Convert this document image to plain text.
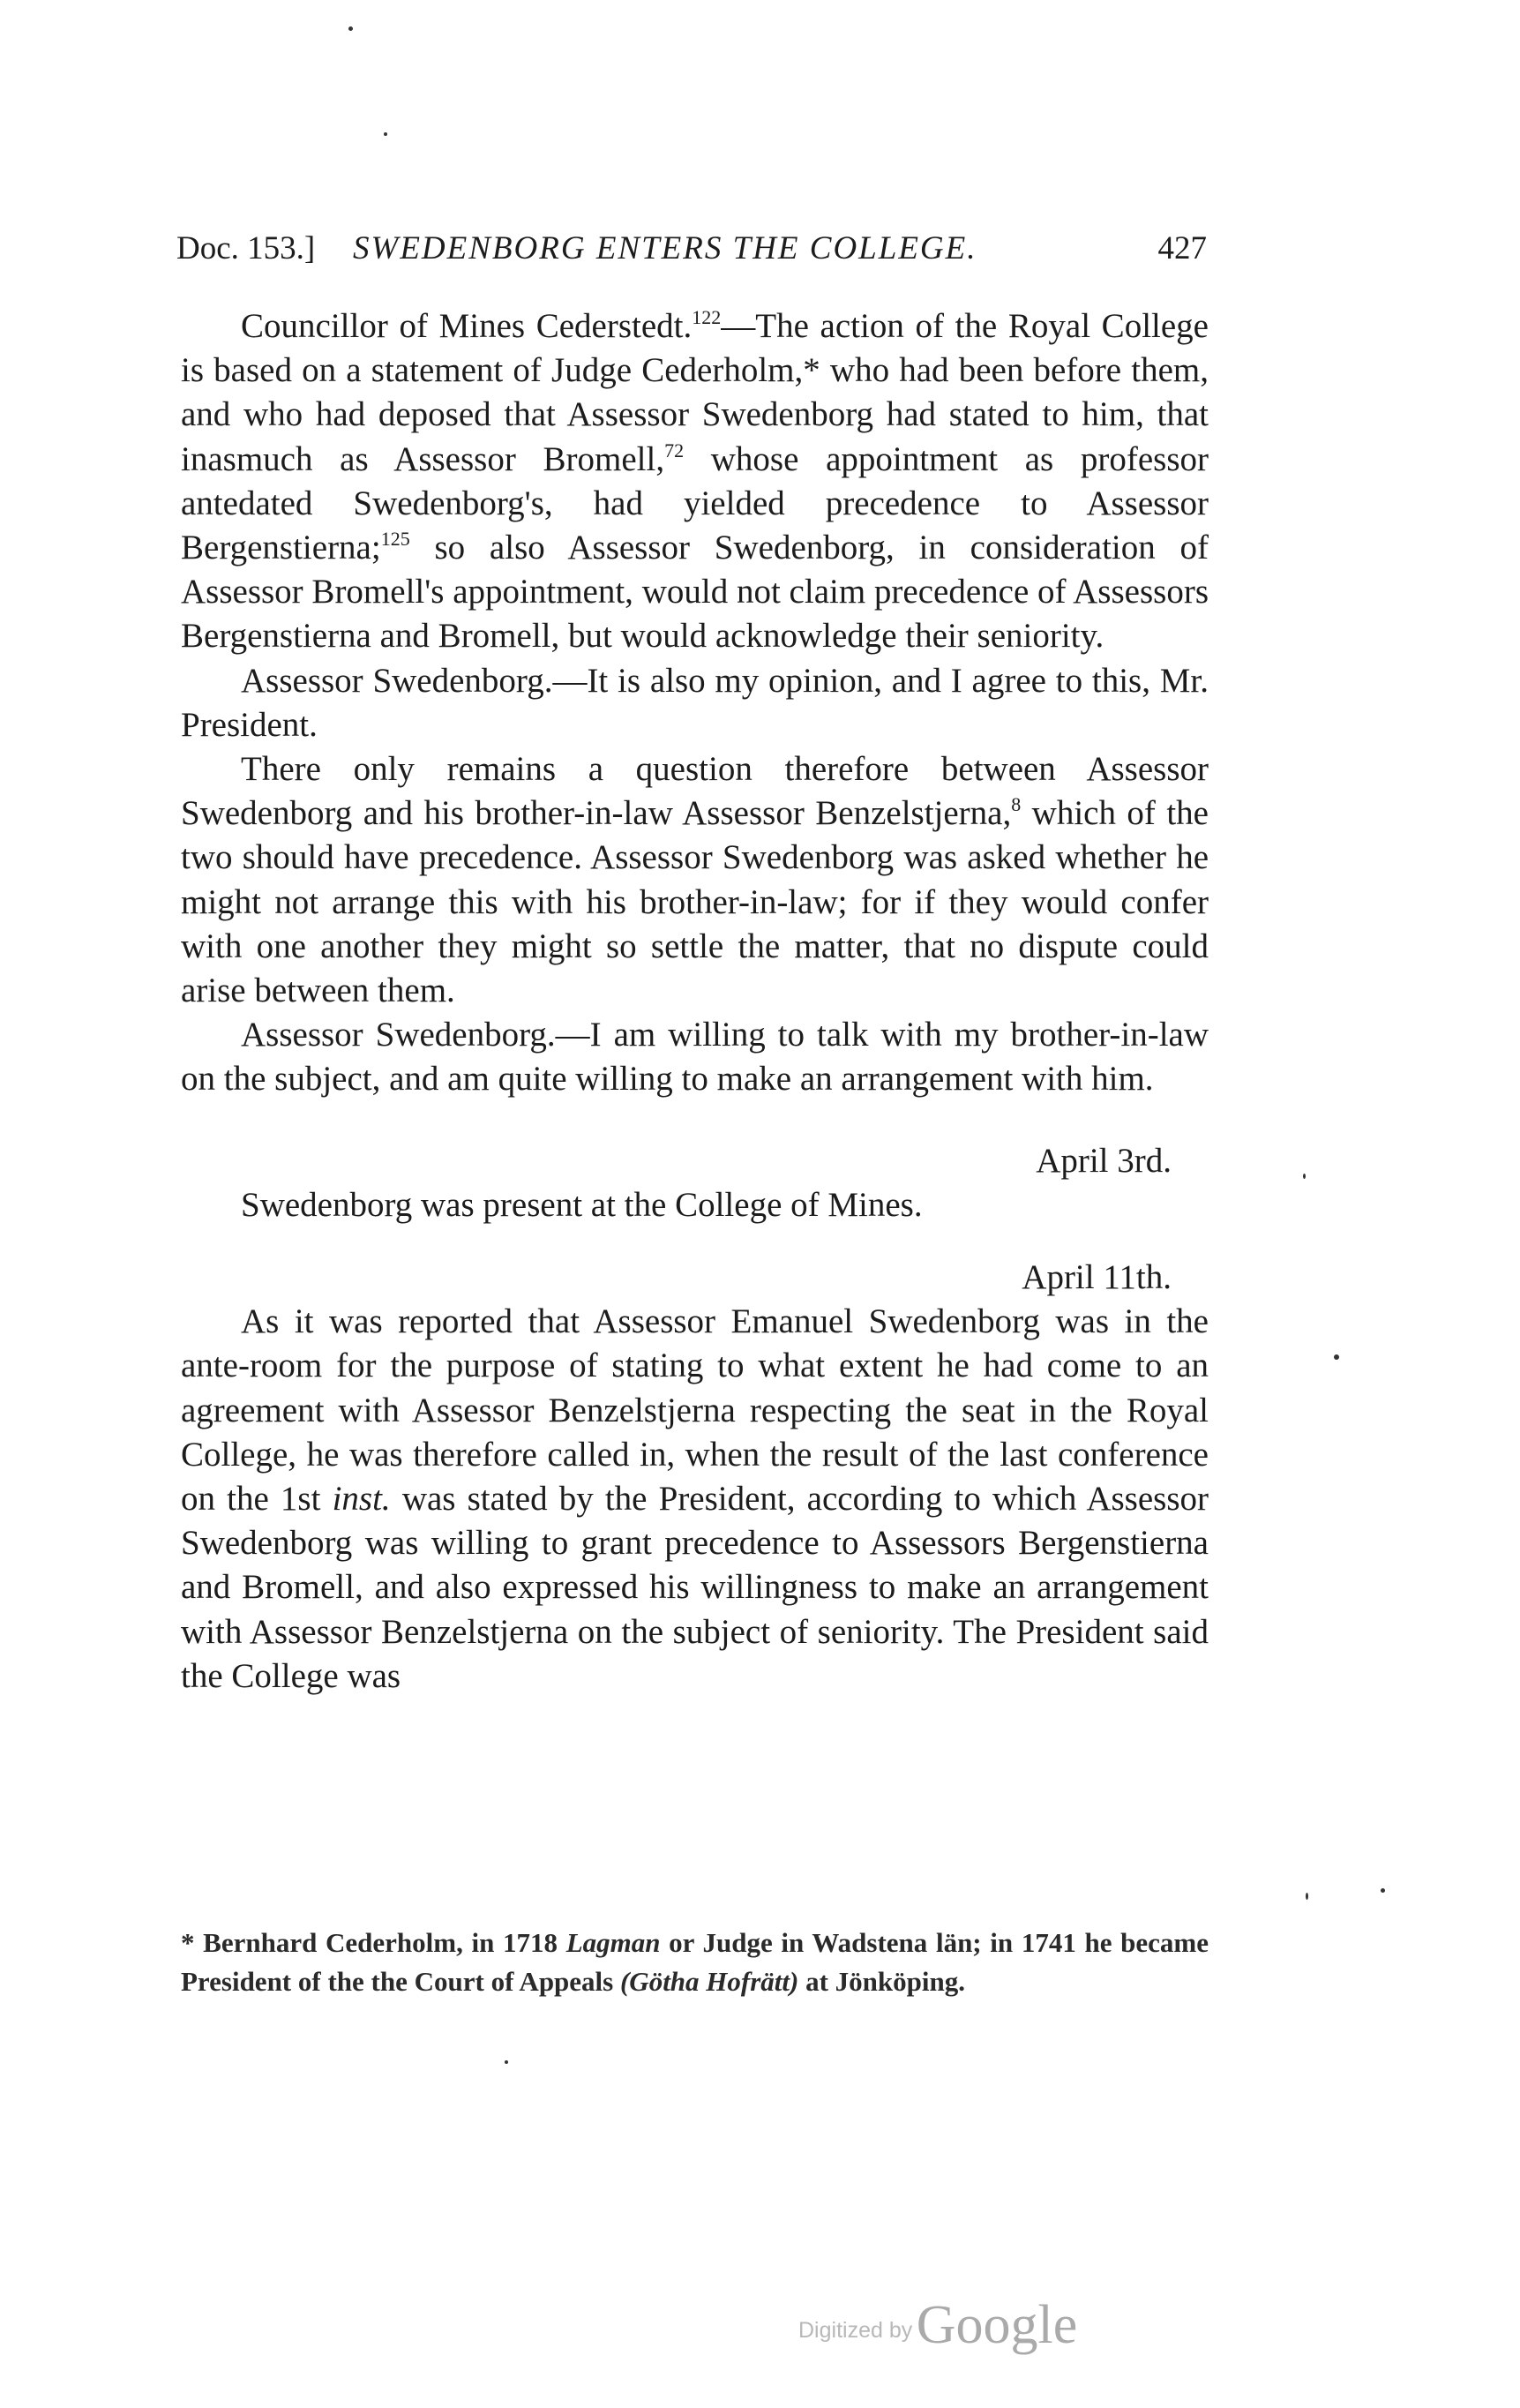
Doc. 153.] SWEDENBORG ENTERS THE COLLEGE.	427

Councillor of Mines Cederstedt.$^{122}$—The action of the Royal College is based on a statement of Judge Cederholm,* who had been before them, and who had deposed that Assessor Swedenborg had stated to him, that inasmuch as Assessor Bromell,$^{72}$ whose appointment as professor antedated Swedenborg's, had yielded precedence to Assessor Bergenstierna;$^{125}$ so also Assessor Swedenborg, in consideration of Assessor Bromell's appointment, would not claim precedence of Assessors Bergenstierna and Bromell, but would acknowledge their seniority.

Assessor Swedenborg.—It is also my opinion, and I agree to this, Mr. President.

There only remains a question therefore between Assessor Swedenborg and his brother-in-law Assessor Benzelstjerna,$^8$ which of the two should have precedence. Assessor Swedenborg was asked whether he might not arrange this with his brother-in-law; for if they would confer with one another they might so settle the matter, that no dispute could arise between them.

Assessor Swedenborg.—I am willing to talk with my brother-in-law on the subject, and am quite willing to make an arrangement with him.

April 3rd.

Swedenborg was present at the College of Mines.

April 11th.

As it was reported that Assessor Emanuel Swedenborg was in the ante-room for the purpose of stating to what extent he had come to an agreement with Assessor Benzelstjerna respecting the seat in the Royal College, he was therefore called in, when the result of the last conference on the 1st inst. was stated by the President, according to which Assessor Swedenborg was willing to grant precedence to Assessors Bergenstierna and Bromell, and also expressed his willingness to make an arrangement with Assessor Benzelstjerna on the subject of seniority. The President said the College was

* Bernhard Cederholm, in 1718 Lagman or Judge in Wadstena län; in 1741 he became President of the the Court of Appeals (Götha Hofrätt) at Jönköping.
Digitized by Google
